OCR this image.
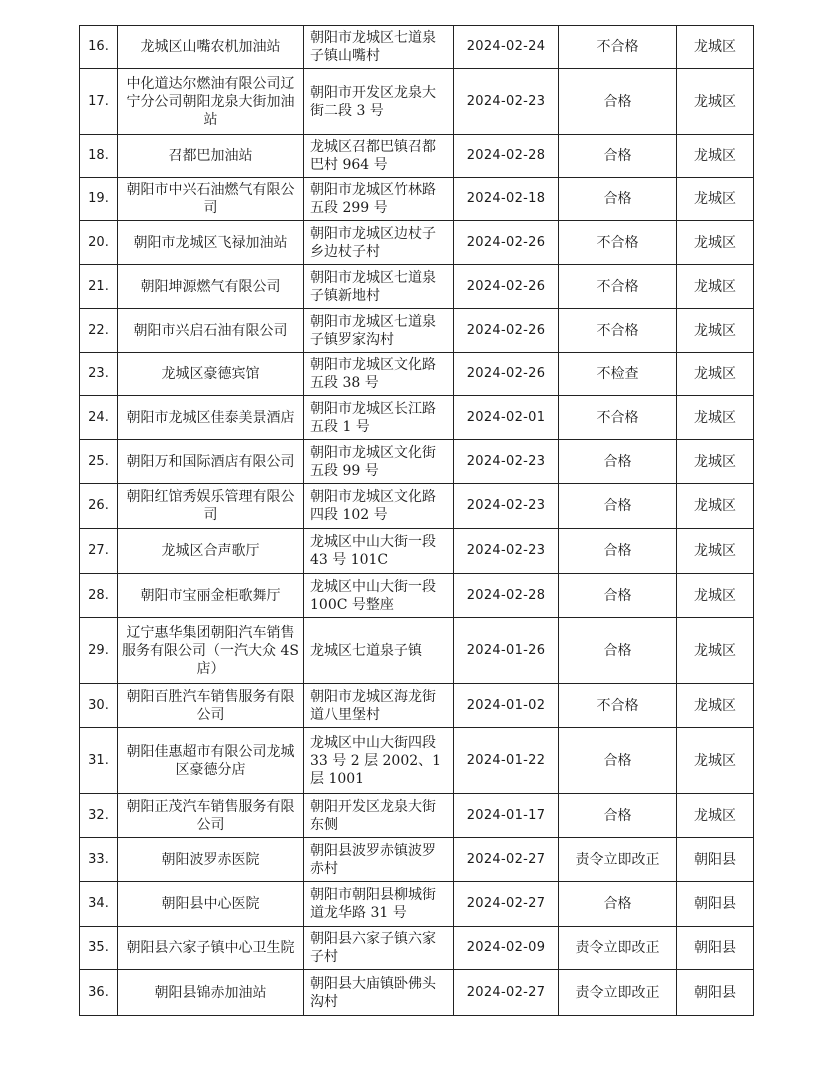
16.	龙城区山嘴农机加油站	朝阳市龙城区七道泉子镇山嘴村	2024-02-24	不合格	龙城区
17.	中化道达尔燃油有限公司辽宁分公司朝阳龙泉大街加油站	朝阳市开发区龙泉大街二段 3 号	2024-02-23	合格	龙城区
18.	召都巴加油站	龙城区召都巴镇召都巴村 964 号	2024-02-28	合格	龙城区
19.	朝阳市中兴石油燃气有限公司	朝阳市龙城区竹林路五段 299 号	2024-02-18	合格	龙城区
20.	朝阳市龙城区飞禄加油站	朝阳市龙城区边杖子乡边杖子村	2024-02-26	不合格	龙城区
21.	朝阳坤源燃气有限公司	朝阳市龙城区七道泉子镇新地村	2024-02-26	不合格	龙城区
22.	朝阳市兴启石油有限公司	朝阳市龙城区七道泉子镇罗家沟村	2024-02-26	不合格	龙城区
23.	龙城区豪德宾馆	朝阳市龙城区文化路五段 38 号	2024-02-26	不检查	龙城区
24.	朝阳市龙城区佳泰美景酒店	朝阳市龙城区长江路五段 1 号	2024-02-01	不合格	龙城区
25.	朝阳万和国际酒店有限公司	朝阳市龙城区文化街五段 99 号	2024-02-23	合格	龙城区
26.	朝阳红馆秀娱乐管理有限公司	朝阳市龙城区文化路四段 102 号	2024-02-23	合格	龙城区
27.	龙城区合声歌厅	龙城区中山大街一段 43 号 101C	2024-02-23	合格	龙城区
28.	朝阳市宝丽金柜歌舞厅	龙城区中山大街一段 100C 号整座	2024-02-28	合格	龙城区
29.	辽宁惠华集团朝阳汽车销售服务有限公司（一汽大众 4S 店）	龙城区七道泉子镇	2024-01-26	合格	龙城区
30.	朝阳百胜汽车销售服务有限公司	朝阳市龙城区海龙街道八里堡村	2024-01-02	不合格	龙城区
31.	朝阳佳惠超市有限公司龙城区豪德分店	龙城区中山大街四段 33 号 2 层 2002、1 层 1001	2024-01-22	合格	龙城区
32.	朝阳正茂汽车销售服务有限公司	朝阳开发区龙泉大街东侧	2024-01-17	合格	龙城区
33.	朝阳波罗赤医院	朝阳县波罗赤镇波罗赤村	2024-02-27	责令立即改正	朝阳县
34.	朝阳县中心医院	朝阳市朝阳县柳城街道龙华路 31 号	2024-02-27	合格	朝阳县
35.	朝阳县六家子镇中心卫生院	朝阳县六家子镇六家子村	2024-02-09	责令立即改正	朝阳县
36.	朝阳县锦赤加油站	朝阳县大庙镇卧佛头沟村	2024-02-27	责令立即改正	朝阳县
